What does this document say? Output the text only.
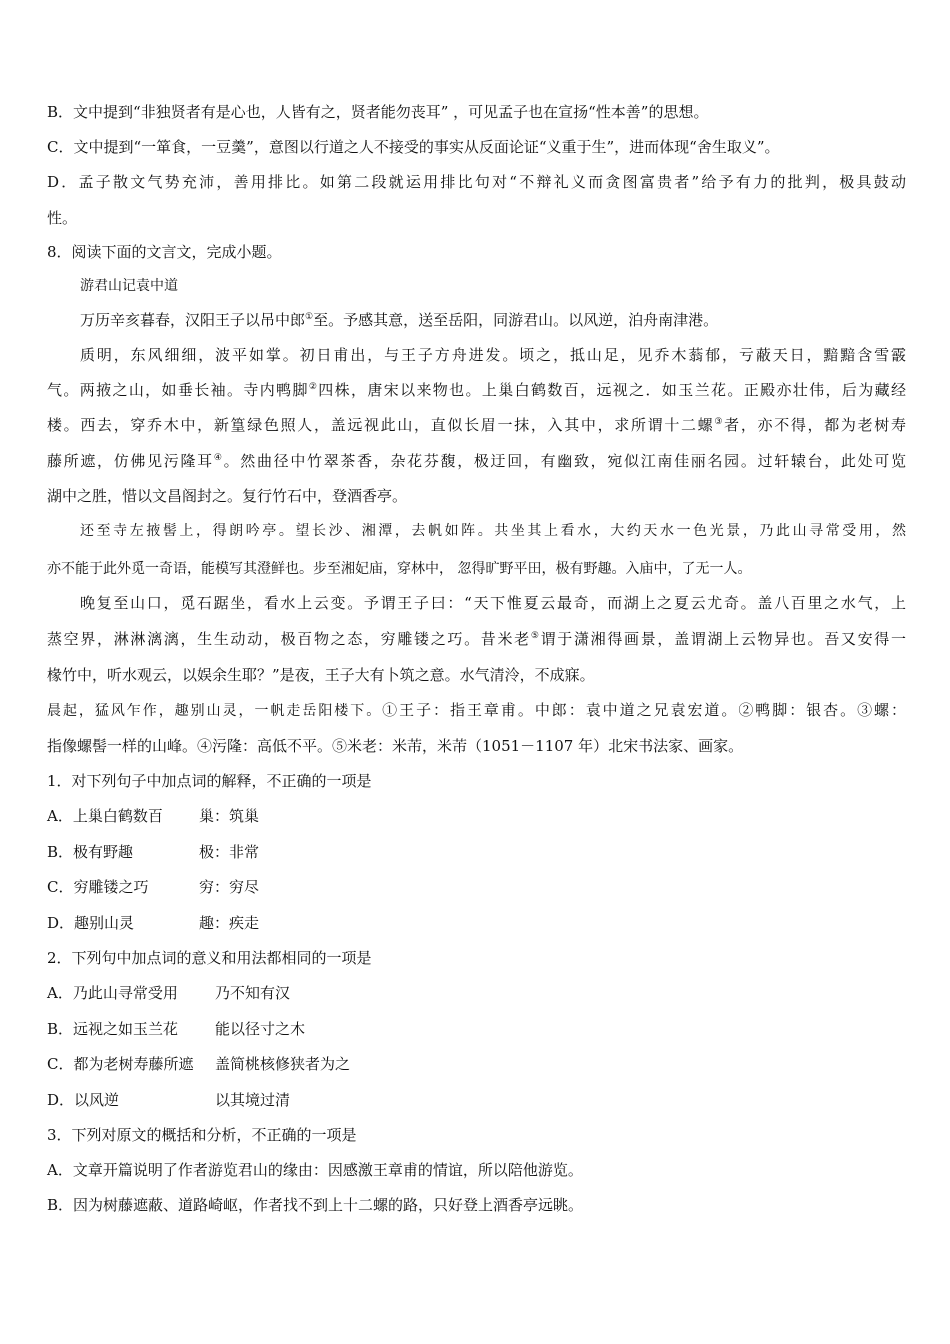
B．文中提到“非独贤者有是心也，人皆有之，贤者能勿丧耳” ，可见孟子也在宣扬“性本善”的思想。
C．文中提到“一箪食，一豆羹”，意图以行道之人不接受的事实从反面论证“义重于生”，进而体现“舍生取义”。
D．孟子散文气势充沛，善用排比。如第二段就运用排比句对“不辩礼义而贪图富贵者”给予有力的批判，极具鼓动
性。
8．阅读下面的文言文，完成小题。
游君山记袁中道
万历辛亥暮春，汉阳王子以吊中郎①至。予感其意，送至岳阳，同游君山。以风逆，泊舟南津港。
质明，东风细细，波平如掌。初日甫出，与王子方舟进发。顷之，抵山足，见乔木蓊郁，亏蔽天日，黯黯含雪霰
气。两掖之山，如垂长袖。寺内鸭脚②四株，唐宋以来物也。上巢白鹤数百，远视之．如玉兰花。正殿亦壮伟，后为藏经
楼。西去，穿乔木中，新篁绿色照人，盖远视此山，直似长眉一抹，入其中，求所谓十二螺③者，亦不得，都为老树寿
藤所遮，仿佛见污隆耳④。然曲径中竹翠茶香，杂花芬馥，极迂回，有幽致，宛似江南佳丽名园。过轩辕台，此处可览
湖中之胜，惜以文昌阁封之。复行竹石中，登酒香亭。
还至寺左掖髻上，得朗吟亭。望长沙、湘潭，去帆如阵。共坐其上看水，大约天水一色光景，乃此山寻常受用，然
亦不能于此外觅一奇语，能模写其澄鲜也。步至湘妃庙，穿林中， 忽得旷野平田，极有野趣。入庙中，了无一人。
晚复至山口，觅石踞坐，看水上云变。予谓王子曰：“天下惟夏云最奇，而湖上之夏云尤奇。盖八百里之水气，上
蒸空界，淋淋漓漓，生生动动，极百物之态，穷雕镂之巧。昔米老⑤谓于潇湘得画景，盖谓湖上云物异也。吾又安得一
椽竹中，听水观云，以娱余生耶？”是夜，王子大有卜筑之意。水气清泠，不成寐。
晨起，猛风乍作，趣别山灵，一帆走岳阳楼下。①王子：指王章甫。中郎：袁中道之兄袁宏道。②鸭脚：银杏。③螺：
指像螺髻一样的山峰。④污隆：高低不平。⑤米老：米芾，米芾（1051－1107 年）北宋书法家、画家。
1．对下列句子中加点词的解释，不正确的一项是
A．上巢白鹤数百 巢：筑巢
B．极有野趣	极：非常
C．穷雕镂之巧	穷：穷尽
D．趣别山灵	趣：疾走
2．下列句中加点词的意义和用法都相同的一项是
A．乃此山寻常受用 乃不知有汉
B．远视之如玉兰花 能以径寸之木
C．都为老树寿藤所遮 盖简桃核修狭者为之
D．以风逆	以其境过清
3．下列对原文的概括和分析，不正确的一项是
A．文章开篇说明了作者游览君山的缘由：因感激王章甫的情谊，所以陪他游览。
B．因为树藤遮蔽、道路崎岖，作者找不到上十二螺的路，只好登上酒香亭远眺。
